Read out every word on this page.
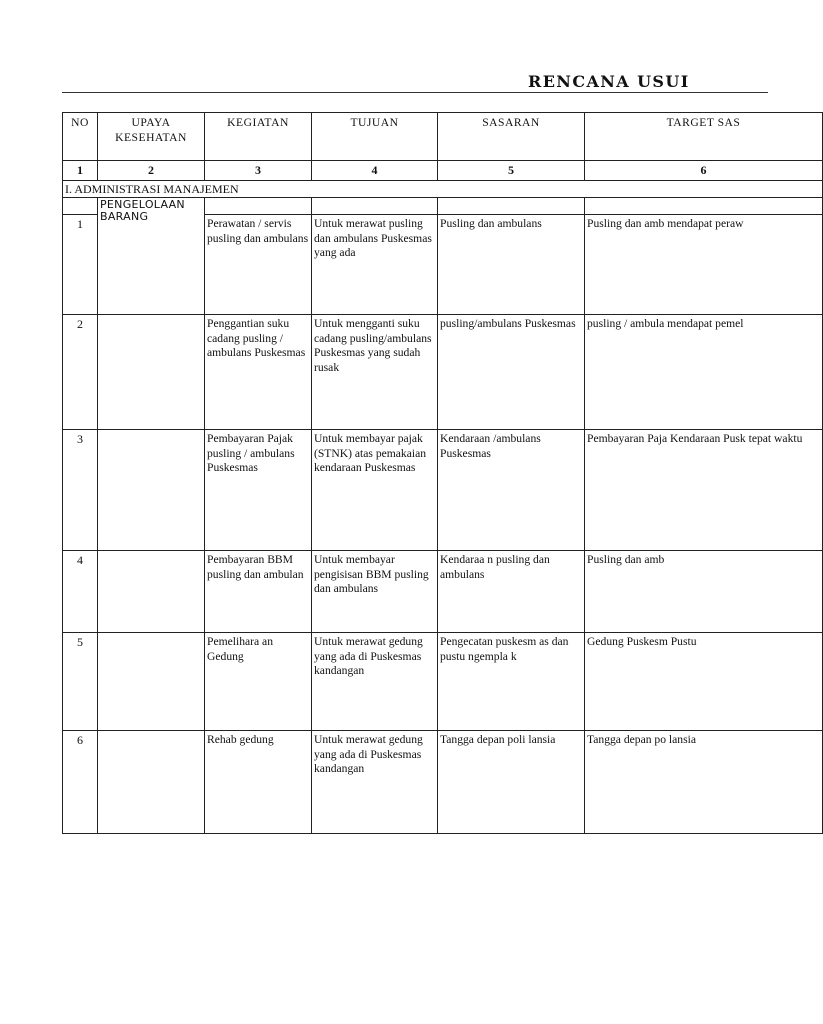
RENCANA USUI
NO	UPAYA KESEHATAN	KEGIATAN	TUJUAN	SASARAN	TARGET SAS
1	2	3	4	5	6
I. ADMINISTRASI MANAJEMEN					
	PENGELOLAAN BARANG				
1		Perawatan / servis pusling dan ambulans	Untuk merawat pusling dan ambulans Puskesmas yang ada	Pusling dan ambulans	Pusling dan amb mendapat peraw
2		Penggantian suku cadang pusling / ambulans Puskesmas	Untuk mengganti suku cadang pusling/ambulans Puskesmas yang sudah rusak	pusling/ambulans Puskesmas	pusling / ambula mendapat pemel
3		Pembayaran Pajak pusling / ambulans Puskesmas	Untuk membayar pajak (STNK) atas pemakaian kendaraan Puskesmas	Kendaraan /ambulans Puskesmas	Pembayaran Paja Kendaraan Pusk tepat waktu
4		Pembayaran BBM pusling dan ambulan	Untuk membayar pengisisan BBM pusling dan ambulans	Kendaraa n pusling dan ambulans	Pusling dan amb
5		Pemelihara an Gedung	Untuk merawat gedung yang ada di Puskesmas kandangan	Pengecatan puskesm as dan pustu ngempla k	Gedung Puskesm Pustu
6		Rehab gedung	Untuk merawat gedung yang ada di Puskesmas kandangan	Tangga depan poli lansia	Tangga depan po lansia
